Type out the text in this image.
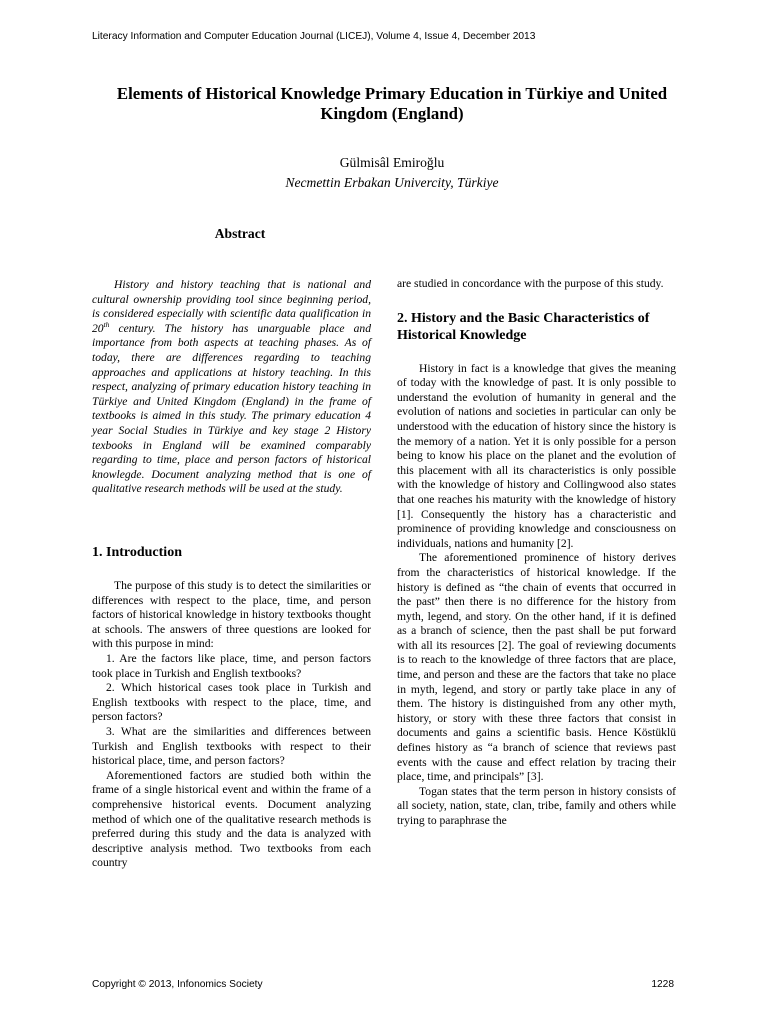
Literacy Information and Computer Education Journal (LICEJ), Volume 4, Issue 4, December 2013
Elements of Historical Knowledge Primary Education in Türkiye and United Kingdom (England)
Gülmisâl Emiroğlu
Necmettin Erbakan Univercity, Türkiye
Abstract

History and history teaching that is national and cultural ownership providing tool since beginning period, is considered especially with scientific data qualification in 20th century. The history has unarguable place and importance from both aspects at teaching phases. As of today, there are differences regarding to teaching approaches and applications at history teaching. In this respect, analyzing of primary education history teaching in Türkiye and United Kingdom (England) in the frame of textbooks is aimed in this study. The primary education 4 year Social Studies in Türkiye and key stage 2 History texbooks in England will be examined comparably regarding to time, place and person factors of historical knowlegde. Document analyzing method that is one of qualitative research methods will be used at the study.

1. Introduction

The purpose of this study is to detect the similarities or differences with respect to the place, time, and person factors of historical knowledge in history textbooks thought at schools. The answers of three questions are looked for with this purpose in mind:

1. Are the factors like place, time, and person factors took place in Turkish and English textbooks?

2. Which historical cases took place in Turkish and English textbooks with respect to the place, time, and person factors?

3. What are the similarities and differences between Turkish and English textbooks with respect to their historical place, time, and person factors?

Aforementioned factors are studied both within the frame of a single historical event and within the frame of a comprehensive historical events. Document analyzing method of which one of the qualitative research methods is preferred during this study and the data is analyzed with descriptive analysis method. Two textbooks from each country

are studied in concordance with the purpose of this study.

2. History and the Basic Characteristics of Historical Knowledge

History in fact is a knowledge that gives the meaning of today with the knowledge of past. It is only possible to understand the evolution of humanity in general and the evolution of nations and societies in particular can only be understood with the education of history since the history is the memory of a nation. Yet it is only possible for a person being to know his place on the planet and the evolution of this placement with all its characteristics is only possible with the knowledge of history and Collingwood also states that one reaches his maturity with the knowledge of history [1]. Consequently the history has a characteristic and prominence of providing knowledge and consciousness on individuals, nations and humanity [2].

The aforementioned prominence of history derives from the characteristics of historical knowledge. If the history is defined as “the chain of events that occurred in the past” then there is no difference for the history from myth, legend, and story. On the other hand, if it is defined as a branch of science, then the past shall be put forward with all its resources [2]. The goal of reviewing documents is to reach to the knowledge of three factors that are place, time, and person and these are the factors that take no place in myth, legend, and story or partly take place in any of them. The history is distinguished from any other myth, history, or story with these three factors that consist in documents and gains a scientific basis. Hence Köstüklü defines history as “a branch of science that reviews past events with the cause and effect relation by tracing their place, time, and principals” [3].

Togan states that the term person in history consists of all society, nation, state, clan, tribe, family and others while trying to paraphrase the

Copyright © 2013, Infonomics Society	1228
